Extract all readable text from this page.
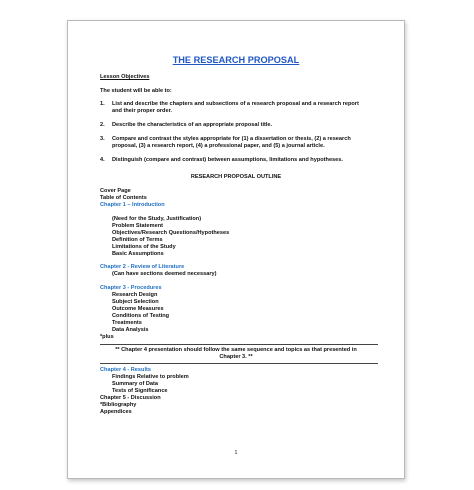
THE RESEARCH PROPOSAL
Lesson Objectives
The student will be able to:
1. List and describe the chapters and subsections of a research proposal and a research report
and their proper order.
2. Describe the characteristics of an appropriate proposal title.
3. Compare and contrast the styles appropriate for (1) a dissertation or thesis, (2) a research
proposal, (3) a research report, (4) a professional paper, and (5) a journal article.
4. Distinguish (compare and contrast) between assumptions, limitations and hypotheses.
RESEARCH PROPOSAL OUTLINE
Cover Page
Table of Contents
Chapter 1 – Introduction
(Need for the Study, Justification)
Problem Statement
Objectives/Research Questions/Hypotheses
Definition of Terms
Limitations of the Study
Basic Assumptions
Chapter 2 - Review of Literature
(Can have sections deemed necessary)
Chapter 3 - Procedures
Research Design
Subject Selection
Outcome Measures
Conditions of Testing
Treatments
Data Analysis
*plus
** Chapter 4 presentation should follow the same sequence and topics as that presented in
Chapter 3. **
Chapter 4 - Results
Findings Relative to problem
Summary of Data
Tests of Significance
Chapter 5 - Discussion
*Bibliography
Appendices
1
